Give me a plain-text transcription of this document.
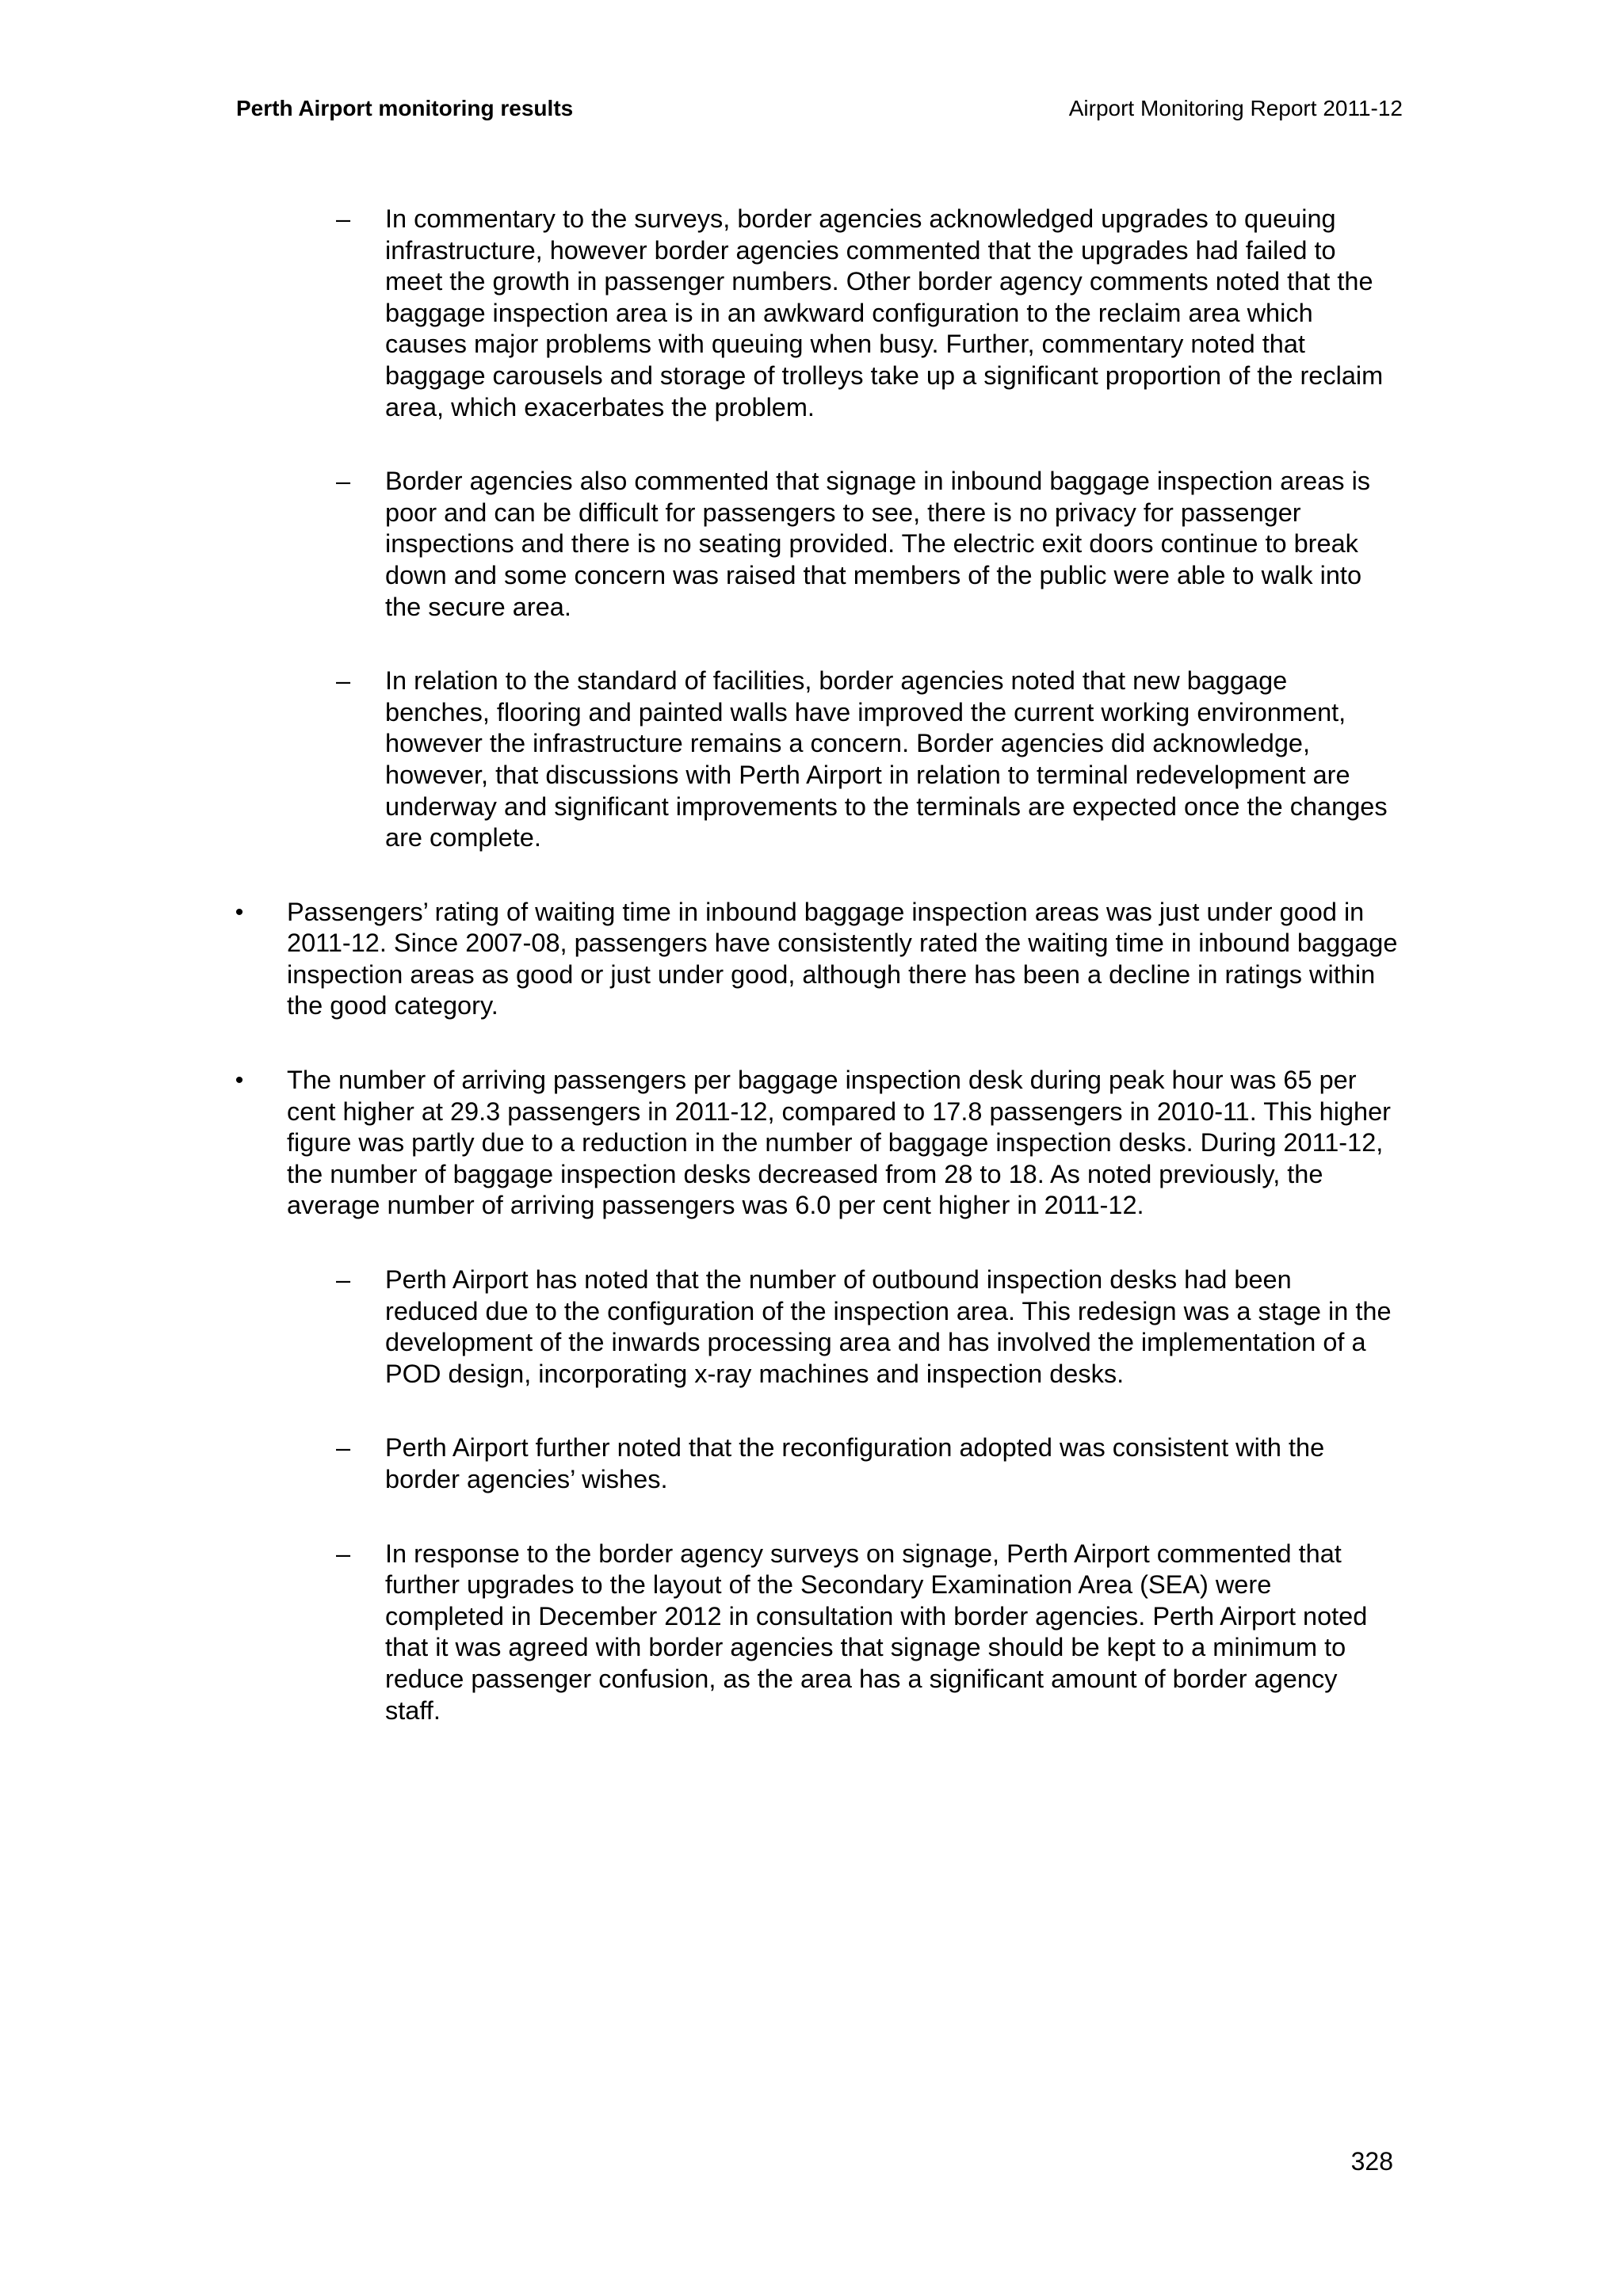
Perth Airport monitoring results	Airport Monitoring Report 2011-12
– In commentary to the surveys, border agencies acknowledged upgrades to queuing infrastructure, however border agencies commented that the upgrades had failed to meet the growth in passenger numbers. Other border agency comments noted that the baggage inspection area is in an awkward configuration to the reclaim area which causes major problems with queuing when busy. Further, commentary noted that baggage carousels and storage of trolleys take up a significant proportion of the reclaim area, which exacerbates the problem.
– Border agencies also commented that signage in inbound baggage inspection areas is poor and can be difficult for passengers to see, there is no privacy for passenger inspections and there is no seating provided. The electric exit doors continue to break down and some concern was raised that members of the public were able to walk into the secure area.
– In relation to the standard of facilities, border agencies noted that new baggage benches, flooring and painted walls have improved the current working environment, however the infrastructure remains a concern. Border agencies did acknowledge, however, that discussions with Perth Airport in relation to terminal redevelopment are underway and significant improvements to the terminals are expected once the changes are complete.
• Passengers’ rating of waiting time in inbound baggage inspection areas was just under good in 2011-12. Since 2007-08, passengers have consistently rated the waiting time in inbound baggage inspection areas as good or just under good, although there has been a decline in ratings within the good category.
• The number of arriving passengers per baggage inspection desk during peak hour was 65 per cent higher at 29.3 passengers in 2011-12, compared to 17.8 passengers in 2010-11. This higher figure was partly due to a reduction in the number of baggage inspection desks. During 2011-12, the number of baggage inspection desks decreased from 28 to 18. As noted previously, the average number of arriving passengers was 6.0 per cent higher in 2011-12.
– Perth Airport has noted that the number of outbound inspection desks had been reduced due to the configuration of the inspection area. This redesign was a stage in the development of the inwards processing area and has involved the implementation of a POD design, incorporating x-ray machines and inspection desks.
– Perth Airport further noted that the reconfiguration adopted was consistent with the border agencies’ wishes.
– In response to the border agency surveys on signage, Perth Airport commented that further upgrades to the layout of the Secondary Examination Area (SEA) were completed in December 2012 in consultation with border agencies. Perth Airport noted that it was agreed with border agencies that signage should be kept to a minimum to reduce passenger confusion, as the area has a significant amount of border agency staff.
328
